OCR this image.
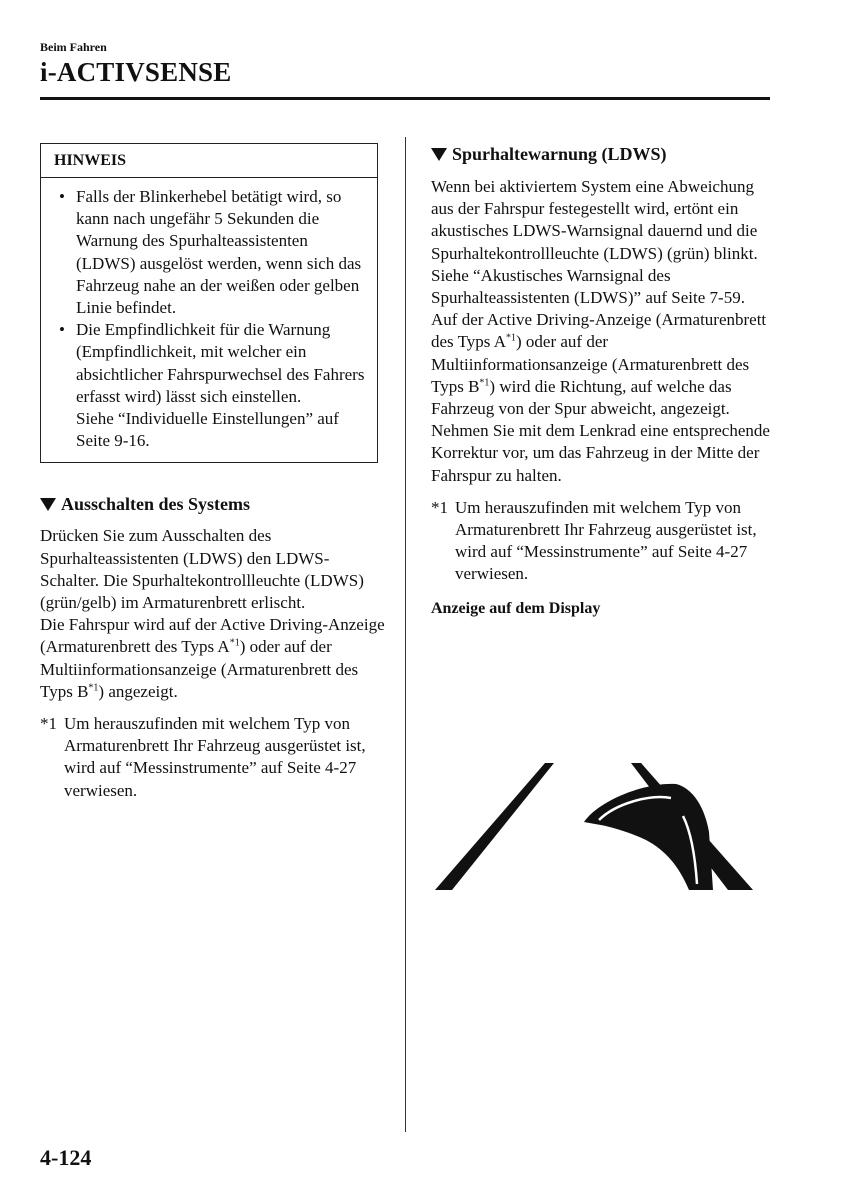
Beim Fahren
i-ACTIVSENSE
HINWEIS
• Falls der Blinkerhebel betätigt wird, so kann nach ungefähr 5 Sekunden die Warnung des Spurhalteassistenten (LDWS) ausgelöst werden, wenn sich das Fahrzeug nahe an der weißen oder gelben Linie befindet.
• Die Empfindlichkeit für die Warnung (Empfindlichkeit, mit welcher ein absichtlicher Fahrspurwechsel des Fahrers erfasst wird) lässt sich einstellen.
Siehe “Individuelle Einstellungen” auf Seite 9-16.
Ausschalten des Systems

Drücken Sie zum Ausschalten des Spurhalteassistenten (LDWS) den LDWS-Schalter. Die Spurhaltekontrollleuchte (LDWS) (grün/gelb) im Armaturenbrett erlischt.

Die Fahrspur wird auf der Active Driving-Anzeige (Armaturenbrett des Typs $A^{*1}$) oder auf der Multiinformationsanzeige (Armaturenbrett des Typs $B^{*1}$) angezeigt.

*1 Um herauszufinden mit welchem Typ von Armaturenbrett Ihr Fahrzeug ausgerüstet ist, wird auf “Messinstrumente” auf Seite 4-27 verwiesen.
Spurhaltewarnung (LDWS)

Wenn bei aktiviertem System eine Abweichung aus der Fahrspur festegestellt wird, ertönt ein akustisches LDWS-Warnsignal dauernd und die Spurhaltekontrollleuchte (LDWS) (grün) blinkt.

Siehe “Akustisches Warnsignal des Spurhalteassistenten (LDWS)” auf Seite 7-59.

Auf der Active Driving-Anzeige (Armaturenbrett des Typs $A^{*1}$) oder auf der Multiinformationsanzeige (Armaturenbrett des Typs $B^{*1}$) wird die Richtung, auf welche das Fahrzeug von der Spur abweicht, angezeigt. Nehmen Sie mit dem Lenkrad eine entsprechende Korrektur vor, um das Fahrzeug in der Mitte der Fahrspur zu halten.

*1 Um herauszufinden mit welchem Typ von Armaturenbrett Ihr Fahrzeug ausgerüstet ist, wird auf “Messinstrumente” auf Seite 4-27 verwiesen.
Anzeige auf dem Display
4-124
